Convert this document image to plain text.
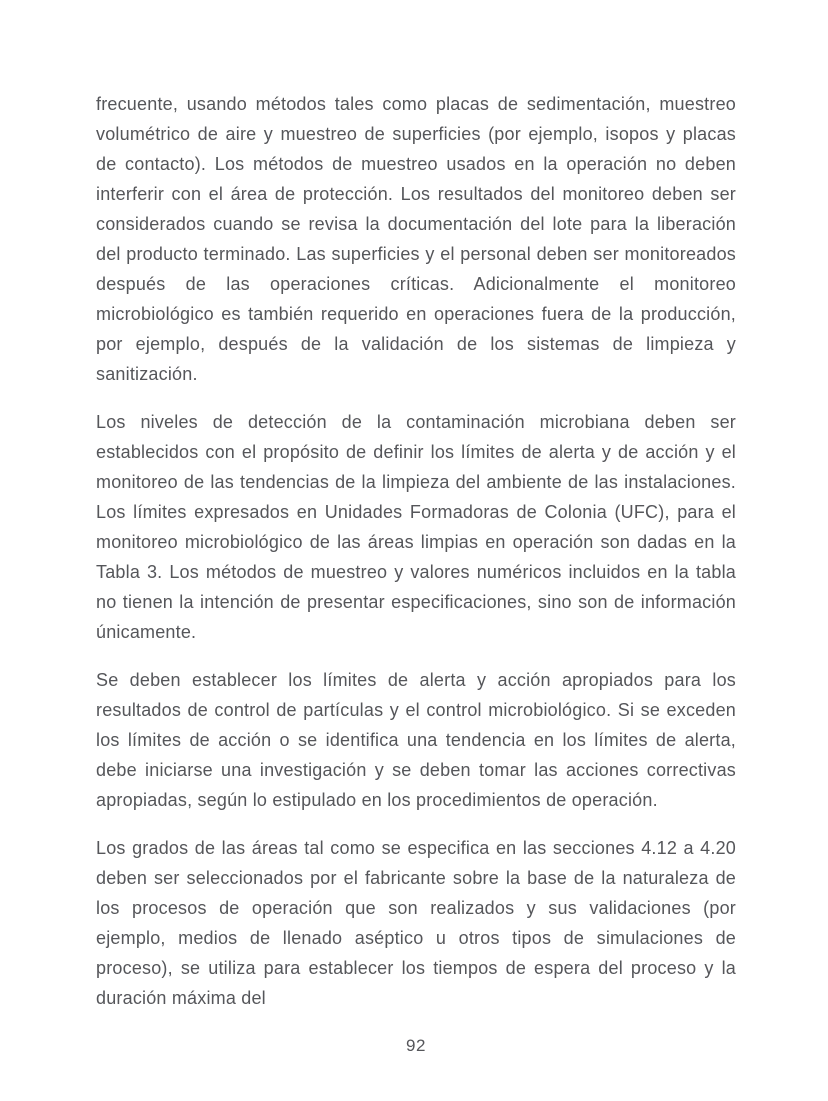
frecuente, usando métodos tales como placas de sedimentación, muestreo volumétrico de aire y muestreo de superficies (por ejemplo, isopos y placas de contacto). Los métodos de muestreo usados en la operación no deben interferir con el área de protección. Los resultados del monitoreo deben ser considerados cuando se revisa la documentación del lote para la liberación del producto terminado. Las superficies y el personal deben ser monitoreados después de las operaciones críticas. Adicionalmente el monitoreo microbiológico es también requerido en operaciones fuera de la producción, por ejemplo, después de la validación de los sistemas de limpieza y sanitización.

Los niveles de detección de la contaminación microbiana deben ser establecidos con el propósito de definir los límites de alerta y de acción y el monitoreo de las tendencias de la limpieza del ambiente de las instalaciones. Los límites expresados en Unidades Formadoras de Colonia (UFC), para el monitoreo microbiológico de las áreas limpias en operación son dadas en la Tabla 3. Los métodos de muestreo y valores numéricos incluidos en la tabla no tienen la intención de presentar especificaciones, sino son de información únicamente.

Se deben establecer los límites de alerta y acción apropiados para los resultados de control de partículas y el control microbiológico. Si se exceden los límites de acción o se identifica una tendencia en los límites de alerta, debe iniciarse una investigación y se deben tomar las acciones correctivas apropiadas, según lo estipulado en los procedimientos de operación.

Los grados de las áreas tal como se especifica en las secciones 4.12 a 4.20 deben ser seleccionados por el fabricante sobre la base de la naturaleza de los procesos de operación que son realizados y sus validaciones (por ejemplo, medios de llenado aséptico u otros tipos de simulaciones de proceso), se utiliza para establecer los tiempos de espera del proceso y la duración máxima del

92
